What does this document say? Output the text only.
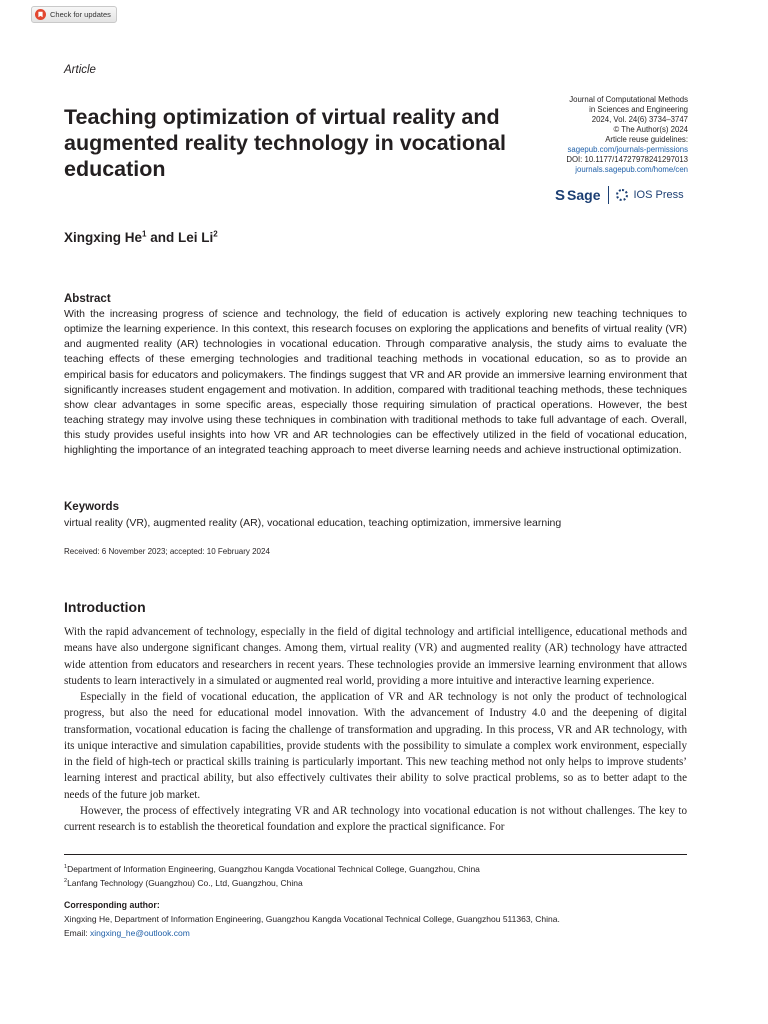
Check for updates
Article
Journal of Computational Methods
in Sciences and Engineering
2024, Vol. 24(6) 3734–3747
© The Author(s) 2024
Article reuse guidelines:
sagepub.com/journals-permissions
DOI: 10.1177/14727978241297013
journals.sagepub.com/home/cen
S Sage	IOS Press
Teaching optimization of virtual reality and augmented reality technology in vocational education
Xingxing He$^1$ and Lei Li$^2$
Abstract
With the increasing progress of science and technology, the field of education is actively exploring new teaching techniques to optimize the learning experience. In this context, this research focuses on exploring the applications and benefits of virtual reality (VR) and augmented reality (AR) technologies in vocational education. Through comparative analysis, the study aims to evaluate the teaching effects of these emerging technologies and traditional teaching methods in vocational education, so as to provide an empirical basis for educators and policymakers. The findings suggest that VR and AR provide an immersive learning environment that significantly increases student engagement and motivation. In addition, compared with traditional teaching methods, these techniques show clear advantages in some specific areas, especially those requiring simulation of practical operations. However, the best teaching strategy may involve using these techniques in combination with traditional methods to take full advantage of each. Overall, this study provides useful insights into how VR and AR technologies can be effectively utilized in the field of vocational education, highlighting the importance of an integrated teaching approach to meet diverse learning needs and achieve instructional optimization.
Keywords
virtual reality (VR), augmented reality (AR), vocational education, teaching optimization, immersive learning
Received: 6 November 2023; accepted: 10 February 2024
Introduction

With the rapid advancement of technology, especially in the field of digital technology and artificial intelligence, educational methods and means have also undergone significant changes. Among them, virtual reality (VR) and augmented reality (AR) technology have attracted wide attention from educators and researchers in recent years. These technologies provide an immersive learning environment that allows students to learn interactively in a simulated or augmented real world, providing a more intuitive and interactive learning experience.

Especially in the field of vocational education, the application of VR and AR technology is not only the product of technological progress, but also the need for educational model innovation. With the advancement of Industry 4.0 and the deepening of digital transformation, vocational education is facing the challenge of transformation and upgrading. In this process, VR and AR technology, with its unique interactive and simulation capabilities, provide students with the possibility to simulate a complex work environment, especially in the field of high-tech or practical skills training is particularly important. This new teaching method not only helps to improve students’ learning interest and practical ability, but also effectively cultivates their ability to solve practical problems, so as to better adapt to the needs of the future job market.

However, the process of effectively integrating VR and AR technology into vocational education is not without challenges. The key to current research is to establish the theoretical foundation and explore the practical significance. For

$^1$Department of Information Engineering, Guangzhou Kangda Vocational Technical College, Guangzhou, China
$^2$Lanfang Technology (Guangzhou) Co., Ltd, Guangzhou, China
Corresponding author:
Xingxing He, Department of Information Engineering, Guangzhou Kangda Vocational Technical College, Guangzhou 511363, China.
Email: xingxing_he@outlook.com
